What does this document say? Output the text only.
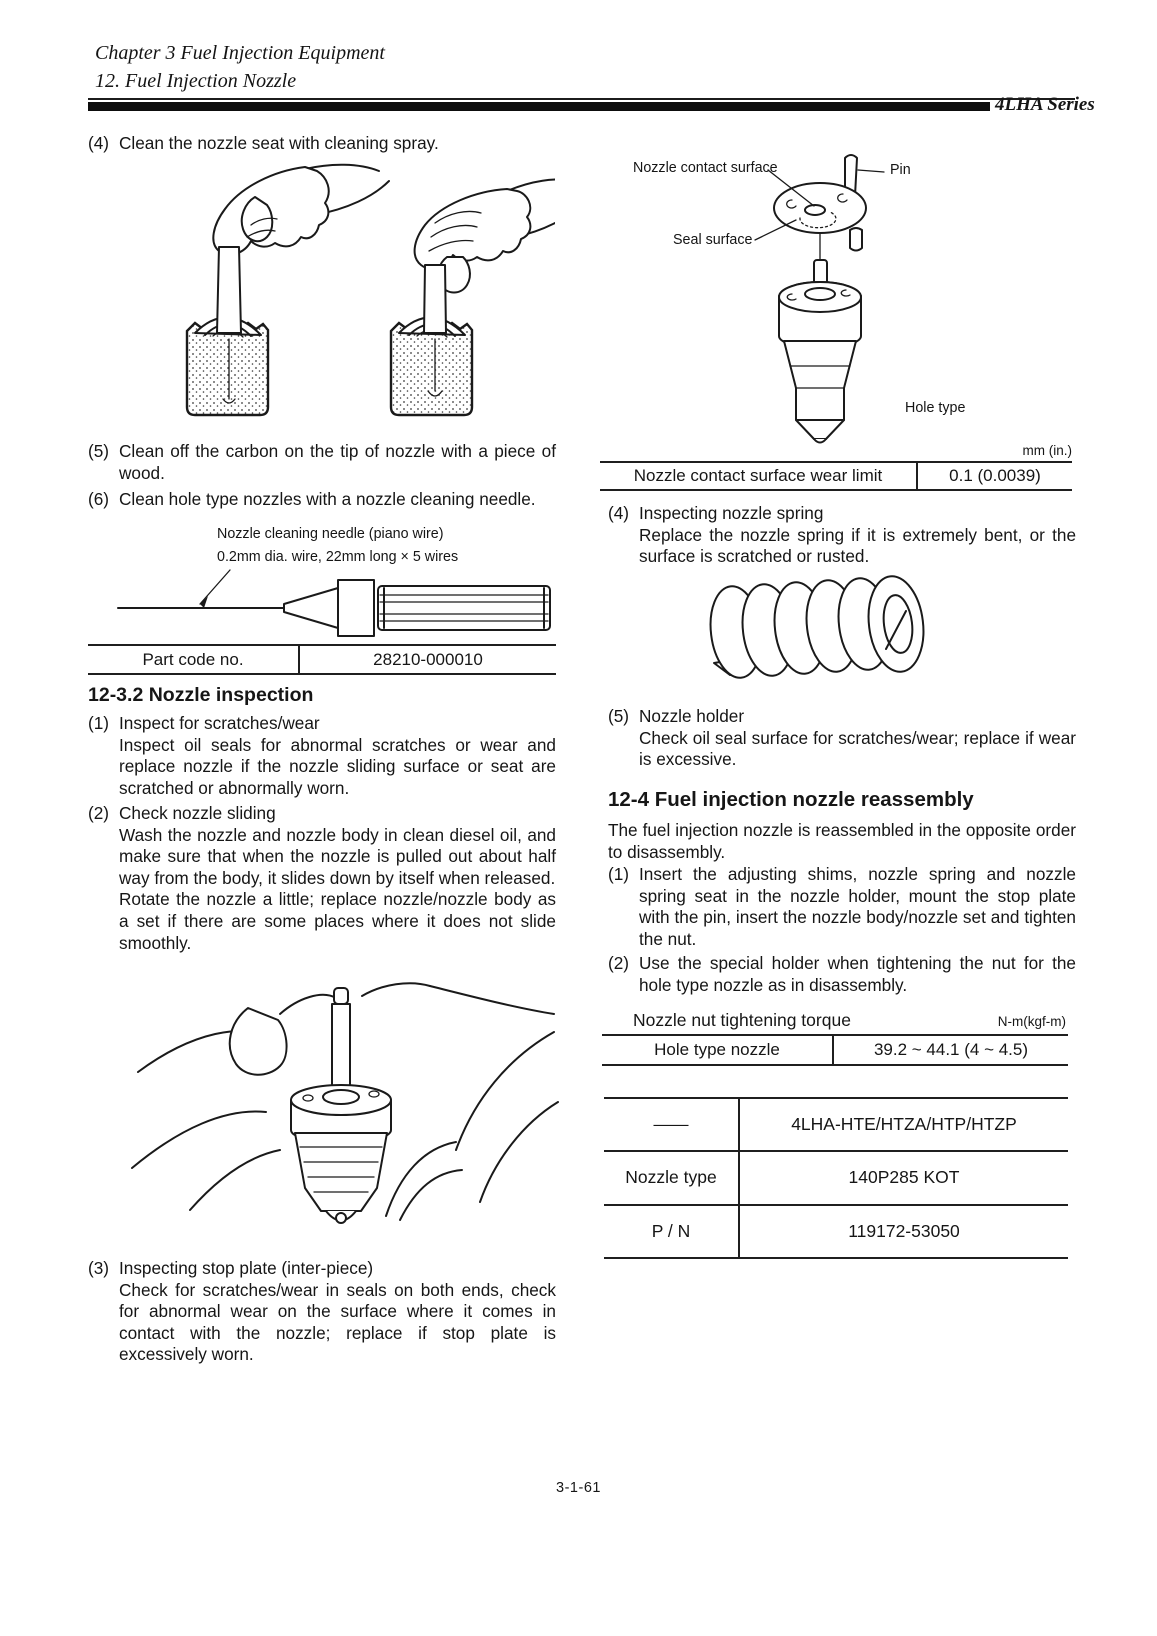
Chapter 3 Fuel Injection Equipment
12. Fuel Injection Nozzle
4LHA Series
(4) Clean the nozzle seat with cleaning spray.
(5) Clean off the carbon on the tip of nozzle with a piece of wood.
(6) Clean hole type nozzles with a nozzle cleaning needle.
Nozzle cleaning needle (piano wire)
0.2mm dia. wire, 22mm long × 5 wires
Part code no.	28210-000010
12-3.2 Nozzle inspection
(1) Inspect for scratches/wear
Inspect oil seals for abnormal scratches or wear and replace nozzle if the nozzle sliding surface or seat are scratched or abnormally worn.
(2) Check nozzle sliding
Wash the nozzle and nozzle body in clean diesel oil, and make sure that when the nozzle is pulled out about half way from the body, it slides down by itself when released.
Rotate the nozzle a little; replace nozzle/nozzle body as a set if there are some places where it does not slide smoothly.
(3) Inspecting stop plate (inter-piece)
Check for scratches/wear in seals on both ends, check for abnormal wear on the surface where it comes in contact with the nozzle; replace if stop plate is excessively worn.
Nozzle contact surface	Pin
Seal surface
Hole type
mm (in.)
Nozzle contact surface wear limit	0.1 (0.0039)
(4) Inspecting nozzle spring
Replace the nozzle spring if it is extremely bent, or the surface is scratched or rusted.
(5) Nozzle holder
Check oil seal surface for scratches/wear; replace if wear is excessive.
12-4 Fuel injection nozzle reassembly
The fuel injection nozzle is reassembled in the opposite order to disassembly.
(1) Insert the adjusting shims, nozzle spring and nozzle spring seat in the nozzle holder, mount the stop plate with the pin, insert the nozzle body/nozzle set and tighten the nut.
(2) Use the special holder when tightening the nut for the hole type nozzle as in disassembly.
Nozzle nut tightening torque	N-m(kgf-m)
Hole type nozzle	39.2 ~ 44.1 (4 ~ 4.5)
——	4LHA-HTE/HTZA/HTP/HTZP
Nozzle type	140P285 KOT
P / N	119172-53050
3-1-61
